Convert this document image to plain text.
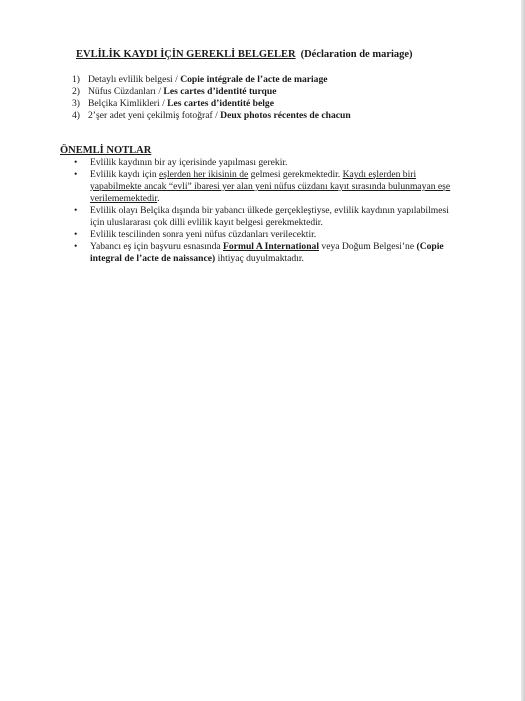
EVLİLİK KAYDI İÇİN GEREKLİ BELGELER (Déclaration de mariage)
1) Detaylı evlilik belgesi / Copie intégrale de l’acte de mariage
2) Nüfus Cüzdanları / Les cartes d’identité turque
3) Belçika Kimlikleri / Les cartes d’identité belge
4) 2’şer adet yeni çekilmiş fotoğraf / Deux photos récentes de chacun
ÖNEMLİ NOTLAR
• Evlilik kaydının bir ay içerisinde yapılması gerekir.
• Evlilik kaydı için eşlerden her ikisinin de gelmesi gerekmektedir. Kaydı eşlerden biri yapabilmekte ancak “evli” ibaresi yer alan yeni nüfus cüzdanı kayıt sırasında bulunmayan eşe verilememektedir.
• Evlilik olayı Belçika dışında bir yabancı ülkede gerçekleştiyse, evlilik kaydının yapılabilmesi için uluslararası çok dilli evlilik kayıt belgesi gerekmektedir.
• Evlilik tescilinden sonra yeni nüfus cüzdanları verilecektir.
• Yabancı eş için başvuru esnasında Formul A International veya Doğum Belgesi’ne (Copie integral de l’acte de naissance) ihtiyaç duyulmaktadır.
